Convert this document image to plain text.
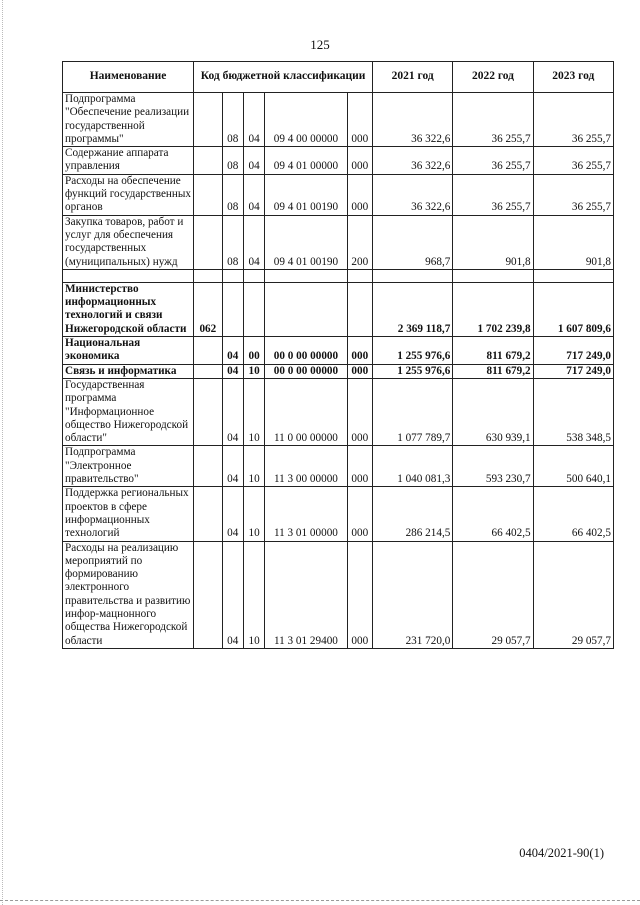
125
Наименование	Код бюджетной классификации					2021 год	2022 год	2023 год
Подпрограмма "Обеспечение реализации государственной программы"		08	04	09 4 00 00000	000	36 322,6	36 255,7	36 255,7
Содержание аппарата управления		08	04	09 4 01 00000	000	36 322,6	36 255,7	36 255,7
Расходы на обеспечение функций государственных органов		08	04	09 4 01 00190	000	36 322,6	36 255,7	36 255,7
Закупка товаров, работ и услуг для обеспечения государственных (муниципальных) нужд		08	04	09 4 01 00190	200	968,7	901,8	901,8

Министерство информационных технологий и связи Нижегородской области	062					2 369 118,7	1 702 239,8	1 607 809,6
Национальная экономика		04	00	00 0 00 00000	000	1 255 976,6	811 679,2	717 249,0
Связь и информатика		04	10	00 0 00 00000	000	1 255 976,6	811 679,2	717 249,0
Государственная программа "Информационное общество Нижегородской области"		04	10	11 0 00 00000	000	1 077 789,7	630 939,1	538 348,5
Подпрограмма "Электронное правительство"		04	10	11 3 00 00000	000	1 040 081,3	593 230,7	500 640,1
Поддержка региональных проектов в сфере информационных технологий		04	10	11 3 01 00000	000	286 214,5	66 402,5	66 402,5
Расходы на реализацию мероприятий по формированию электронного правительства и развитию инфор-мацнонного общества Нижегородской области		04	10	11 3 01 29400	000	231 720,0	29 057,7	29 057,7
0404/2021-90(1)
